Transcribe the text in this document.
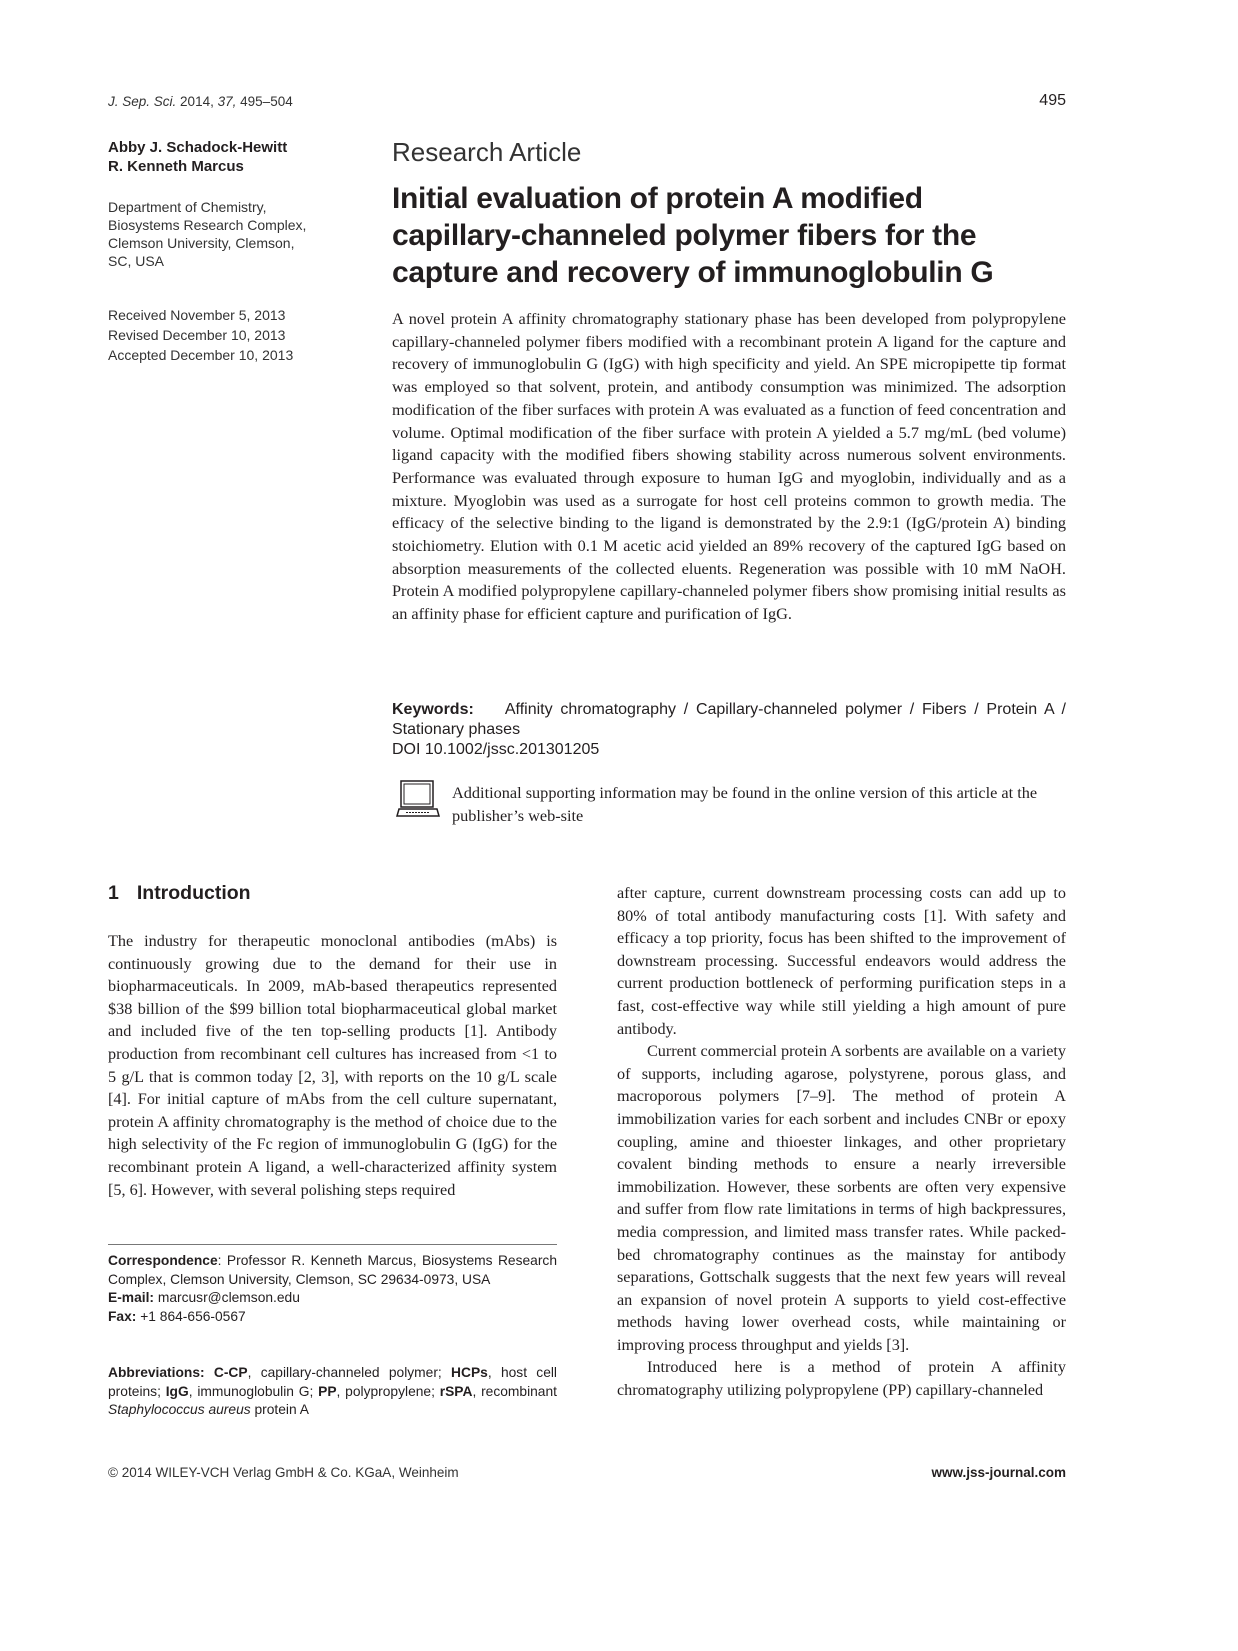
J. Sep. Sci. 2014, 37, 495–504	495
Abby J. Schadock-Hewitt
R. Kenneth Marcus
Department of Chemistry,
Biosystems Research Complex,
Clemson University, Clemson,
SC, USA
Received November 5, 2013
Revised December 10, 2013
Accepted December 10, 2013
Research Article
Initial evaluation of protein A modified
capillary-channeled polymer fibers for the
capture and recovery of immunoglobulin G
A novel protein A affinity chromatography stationary phase has been developed from polypropylene capillary-channeled polymer fibers modified with a recombinant protein A ligand for the capture and recovery of immunoglobulin G (IgG) with high specificity and yield. An SPE micropipette tip format was employed so that solvent, protein, and antibody consumption was minimized. The adsorption modification of the fiber surfaces with protein A was evaluated as a function of feed concentration and volume. Optimal modification of the fiber surface with protein A yielded a 5.7 mg/mL (bed volume) ligand capacity with the modified fibers showing stability across numerous solvent environments. Performance was evaluated through exposure to human IgG and myoglobin, individually and as a mixture. Myoglobin was used as a surrogate for host cell proteins common to growth media. The efficacy of the selective binding to the ligand is demonstrated by the 2.9:1 (IgG/protein A) binding stoichiometry. Elution with 0.1 M acetic acid yielded an 89% recovery of the captured IgG based on absorption measurements of the collected eluents. Regeneration was possible with 10 mM NaOH. Protein A modified polypropylene capillary-channeled polymer fibers show promising initial results as an affinity phase for efficient capture and purification of IgG.
Keywords: Affinity chromatography / Capillary-channeled polymer / Fibers / Protein A / Stationary phases
DOI 10.1002/jssc.201301205
Additional supporting information may be found in the online version of this article at the publisher’s web-site
1 Introduction

The industry for therapeutic monoclonal antibodies (mAbs) is continuously growing due to the demand for their use in biopharmaceuticals. In 2009, mAb-based therapeutics represented $38 billion of the $99 billion total biopharmaceutical global market and included five of the ten top-selling products [1]. Antibody production from recombinant cell cultures has increased from <1 to 5 g/L that is common today [2, 3], with reports on the 10 g/L scale [4]. For initial capture of mAbs from the cell culture supernatant, protein A affinity chromatography is the method of choice due to the high selectivity of the Fc region of immunoglobulin G (IgG) for the recombinant protein A ligand, a well-characterized affinity system [5, 6]. However, with several polishing steps required

after capture, current downstream processing costs can add up to 80% of total antibody manufacturing costs [1]. With safety and efficacy a top priority, focus has been shifted to the improvement of downstream processing. Successful endeavors would address the current production bottleneck of performing purification steps in a fast, cost-effective way while still yielding a high amount of pure antibody.

Current commercial protein A sorbents are available on a variety of supports, including agarose, polystyrene, porous glass, and macroporous polymers [7–9]. The method of protein A immobilization varies for each sorbent and includes CNBr or epoxy coupling, amine and thioester linkages, and other proprietary covalent binding methods to ensure a nearly irreversible immobilization. However, these sorbents are often very expensive and suffer from flow rate limitations in terms of high backpressures, media compression, and limited mass transfer rates. While packed-bed chromatography continues as the mainstay for antibody separations, Gottschalk suggests that the next few years will reveal an expansion of novel protein A supports to yield cost-effective methods having lower overhead costs, while maintaining or improving process throughput and yields [3].

Introduced here is a method of protein A affinity chromatography utilizing polypropylene (PP) capillary-channeled

Correspondence: Professor R. Kenneth Marcus, Biosystems Research Complex, Clemson University, Clemson, SC 29634-0973, USA
E-mail: marcusr@clemson.edu
Fax: +1 864-656-0567
Abbreviations: C-CP, capillary-channeled polymer; HCPs, host cell proteins; IgG, immunoglobulin G; PP, polypropylene; rSPA, recombinant Staphylococcus aureus protein A
© 2014 WILEY-VCH Verlag GmbH & Co. KGaA, Weinheim	www.jss-journal.com
